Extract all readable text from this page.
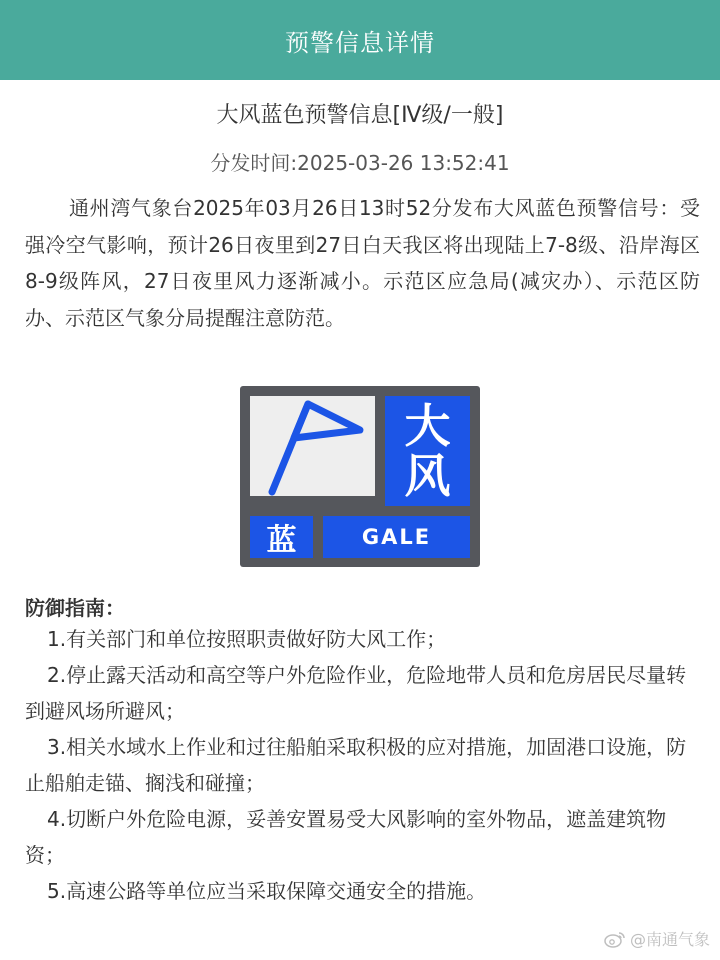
预警信息详情
大风蓝色预警信息[Ⅳ级/一般]
分发时间:2025-03-26 13:52:41
通州湾气象台2025年03月26日13时52分发布大风蓝色预警信号：受强冷空气影响，预计26日夜里到27日白天我区将出现陆上7-8级、沿岸海区8-9级阵风，27日夜里风力逐渐减小。示范区应急局(减灾办）、示范区防办、示范区气象分局提醒注意防范。
大
风
蓝	GALE
防御指南：
1.有关部门和单位按照职责做好防大风工作；
2.停止露天活动和高空等户外危险作业，危险地带人员和危房居民尽量转到避风场所避风；
3.相关水域水上作业和过往船舶采取积极的应对措施，加固港口设施，防止船舶走锚、搁浅和碰撞；
4.切断户外危险电源，妥善安置易受大风影响的室外物品，遮盖建筑物资；
5.高速公路等单位应当采取保障交通安全的措施。
@南通气象
